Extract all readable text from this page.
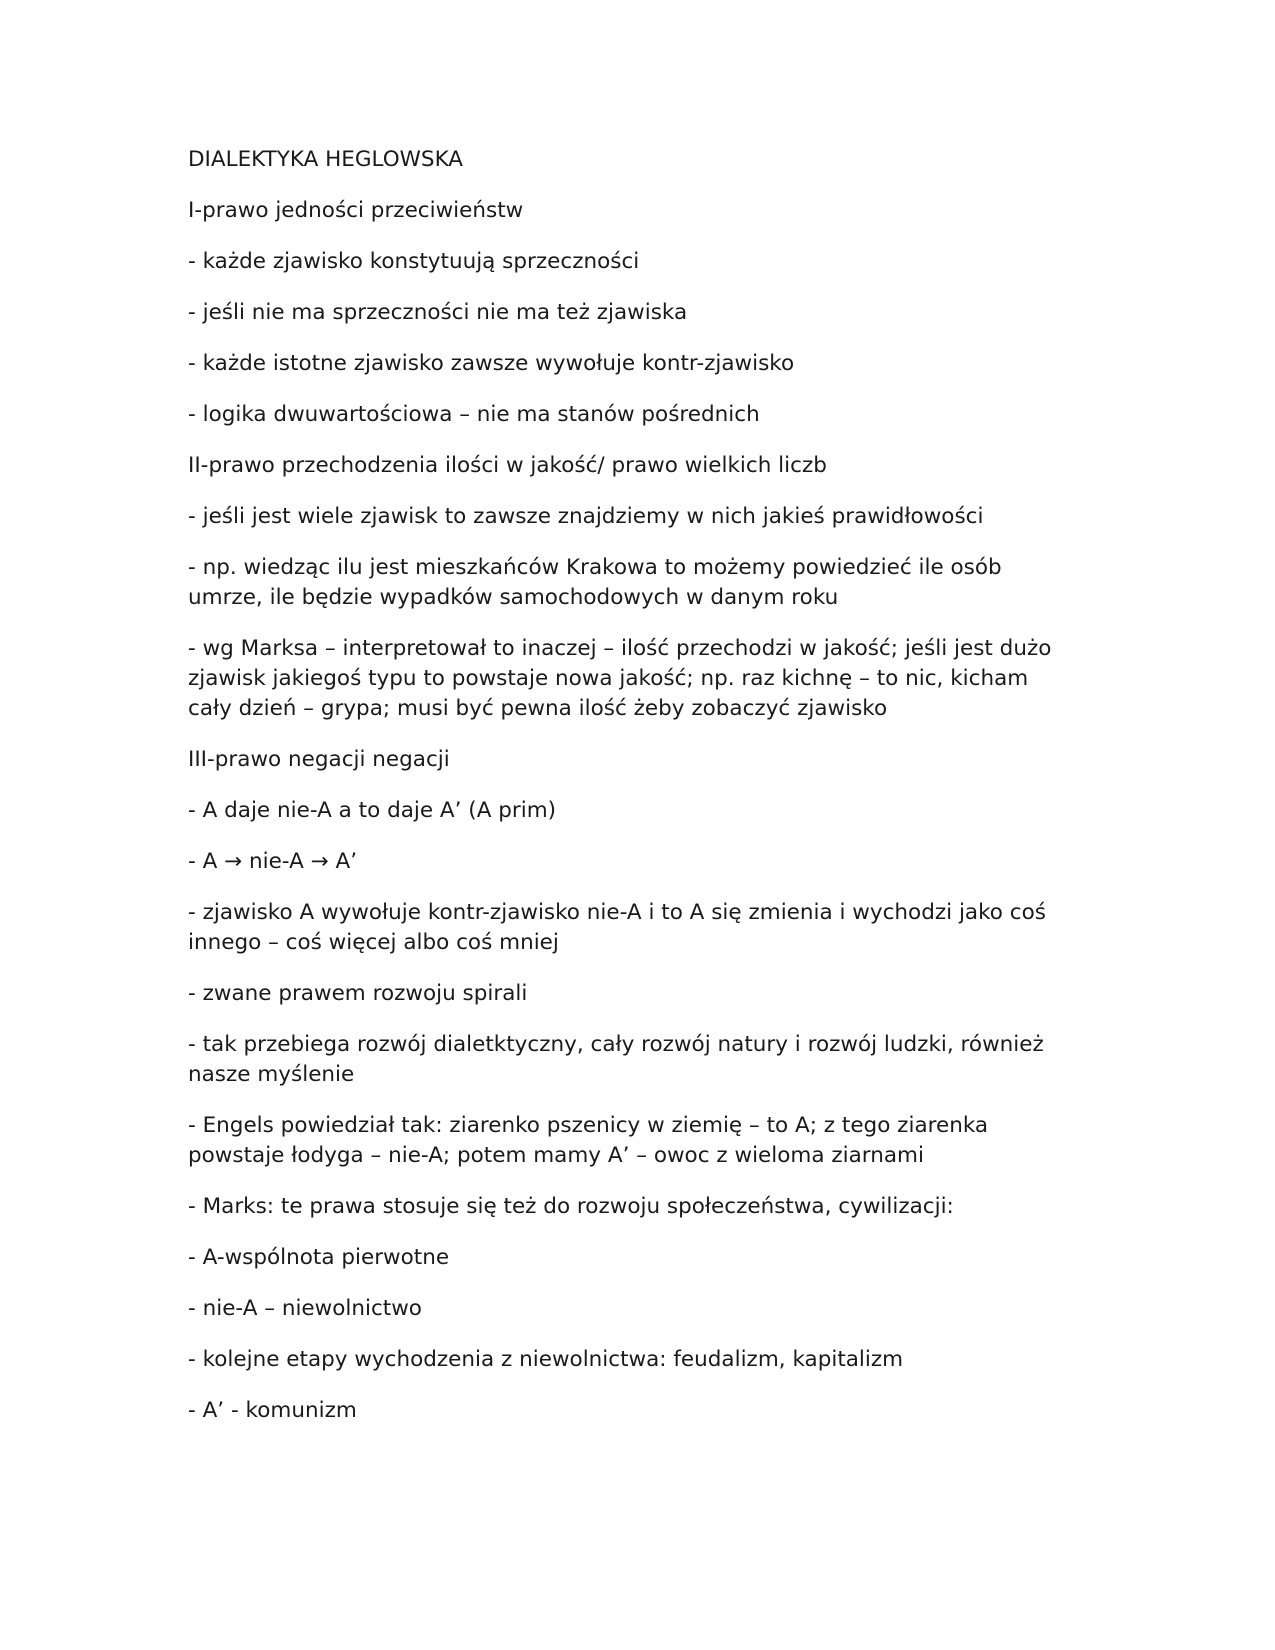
DIALEKTYKA HEGLOWSKA

I-prawo jedności przeciwieństw

- każde zjawisko konstytuują sprzeczności

- jeśli nie ma sprzeczności nie ma też zjawiska

- każde istotne zjawisko zawsze wywołuje kontr-zjawisko

- logika dwuwartościowa – nie ma stanów pośrednich

II-prawo przechodzenia ilości w jakość/ prawo wielkich liczb

- jeśli jest wiele zjawisk to zawsze znajdziemy w nich jakieś prawidłowości

- np. wiedząc ilu jest mieszkańców Krakowa to możemy powiedzieć ile osób umrze, ile będzie wypadków samochodowych w danym roku

- wg Marksa – interpretował to inaczej – ilość przechodzi w jakość; jeśli jest dużo zjawisk jakiegoś typu to powstaje nowa jakość; np. raz kichnę – to nic, kicham cały dzień – grypa; musi być pewna ilość żeby zobaczyć zjawisko

III-prawo negacji negacji

- A daje nie-A a to daje A’ (A prim)

- A → nie-A → A’

- zjawisko A wywołuje kontr-zjawisko nie-A i to A się zmienia i wychodzi jako coś innego – coś więcej albo coś mniej

- zwane prawem rozwoju spirali

- tak przebiega rozwój dialetktyczny, cały rozwój natury i rozwój ludzki, również nasze myślenie

- Engels powiedział tak: ziarenko pszenicy w ziemię – to A; z tego ziarenka powstaje łodyga – nie-A; potem mamy A’ – owoc z wieloma ziarnami

- Marks: te prawa stosuje się też do rozwoju społeczeństwa, cywilizacji:

- A-wspólnota pierwotne

- nie-A – niewolnictwo

- kolejne etapy wychodzenia z niewolnictwa: feudalizm, kapitalizm

- A’ - komunizm
